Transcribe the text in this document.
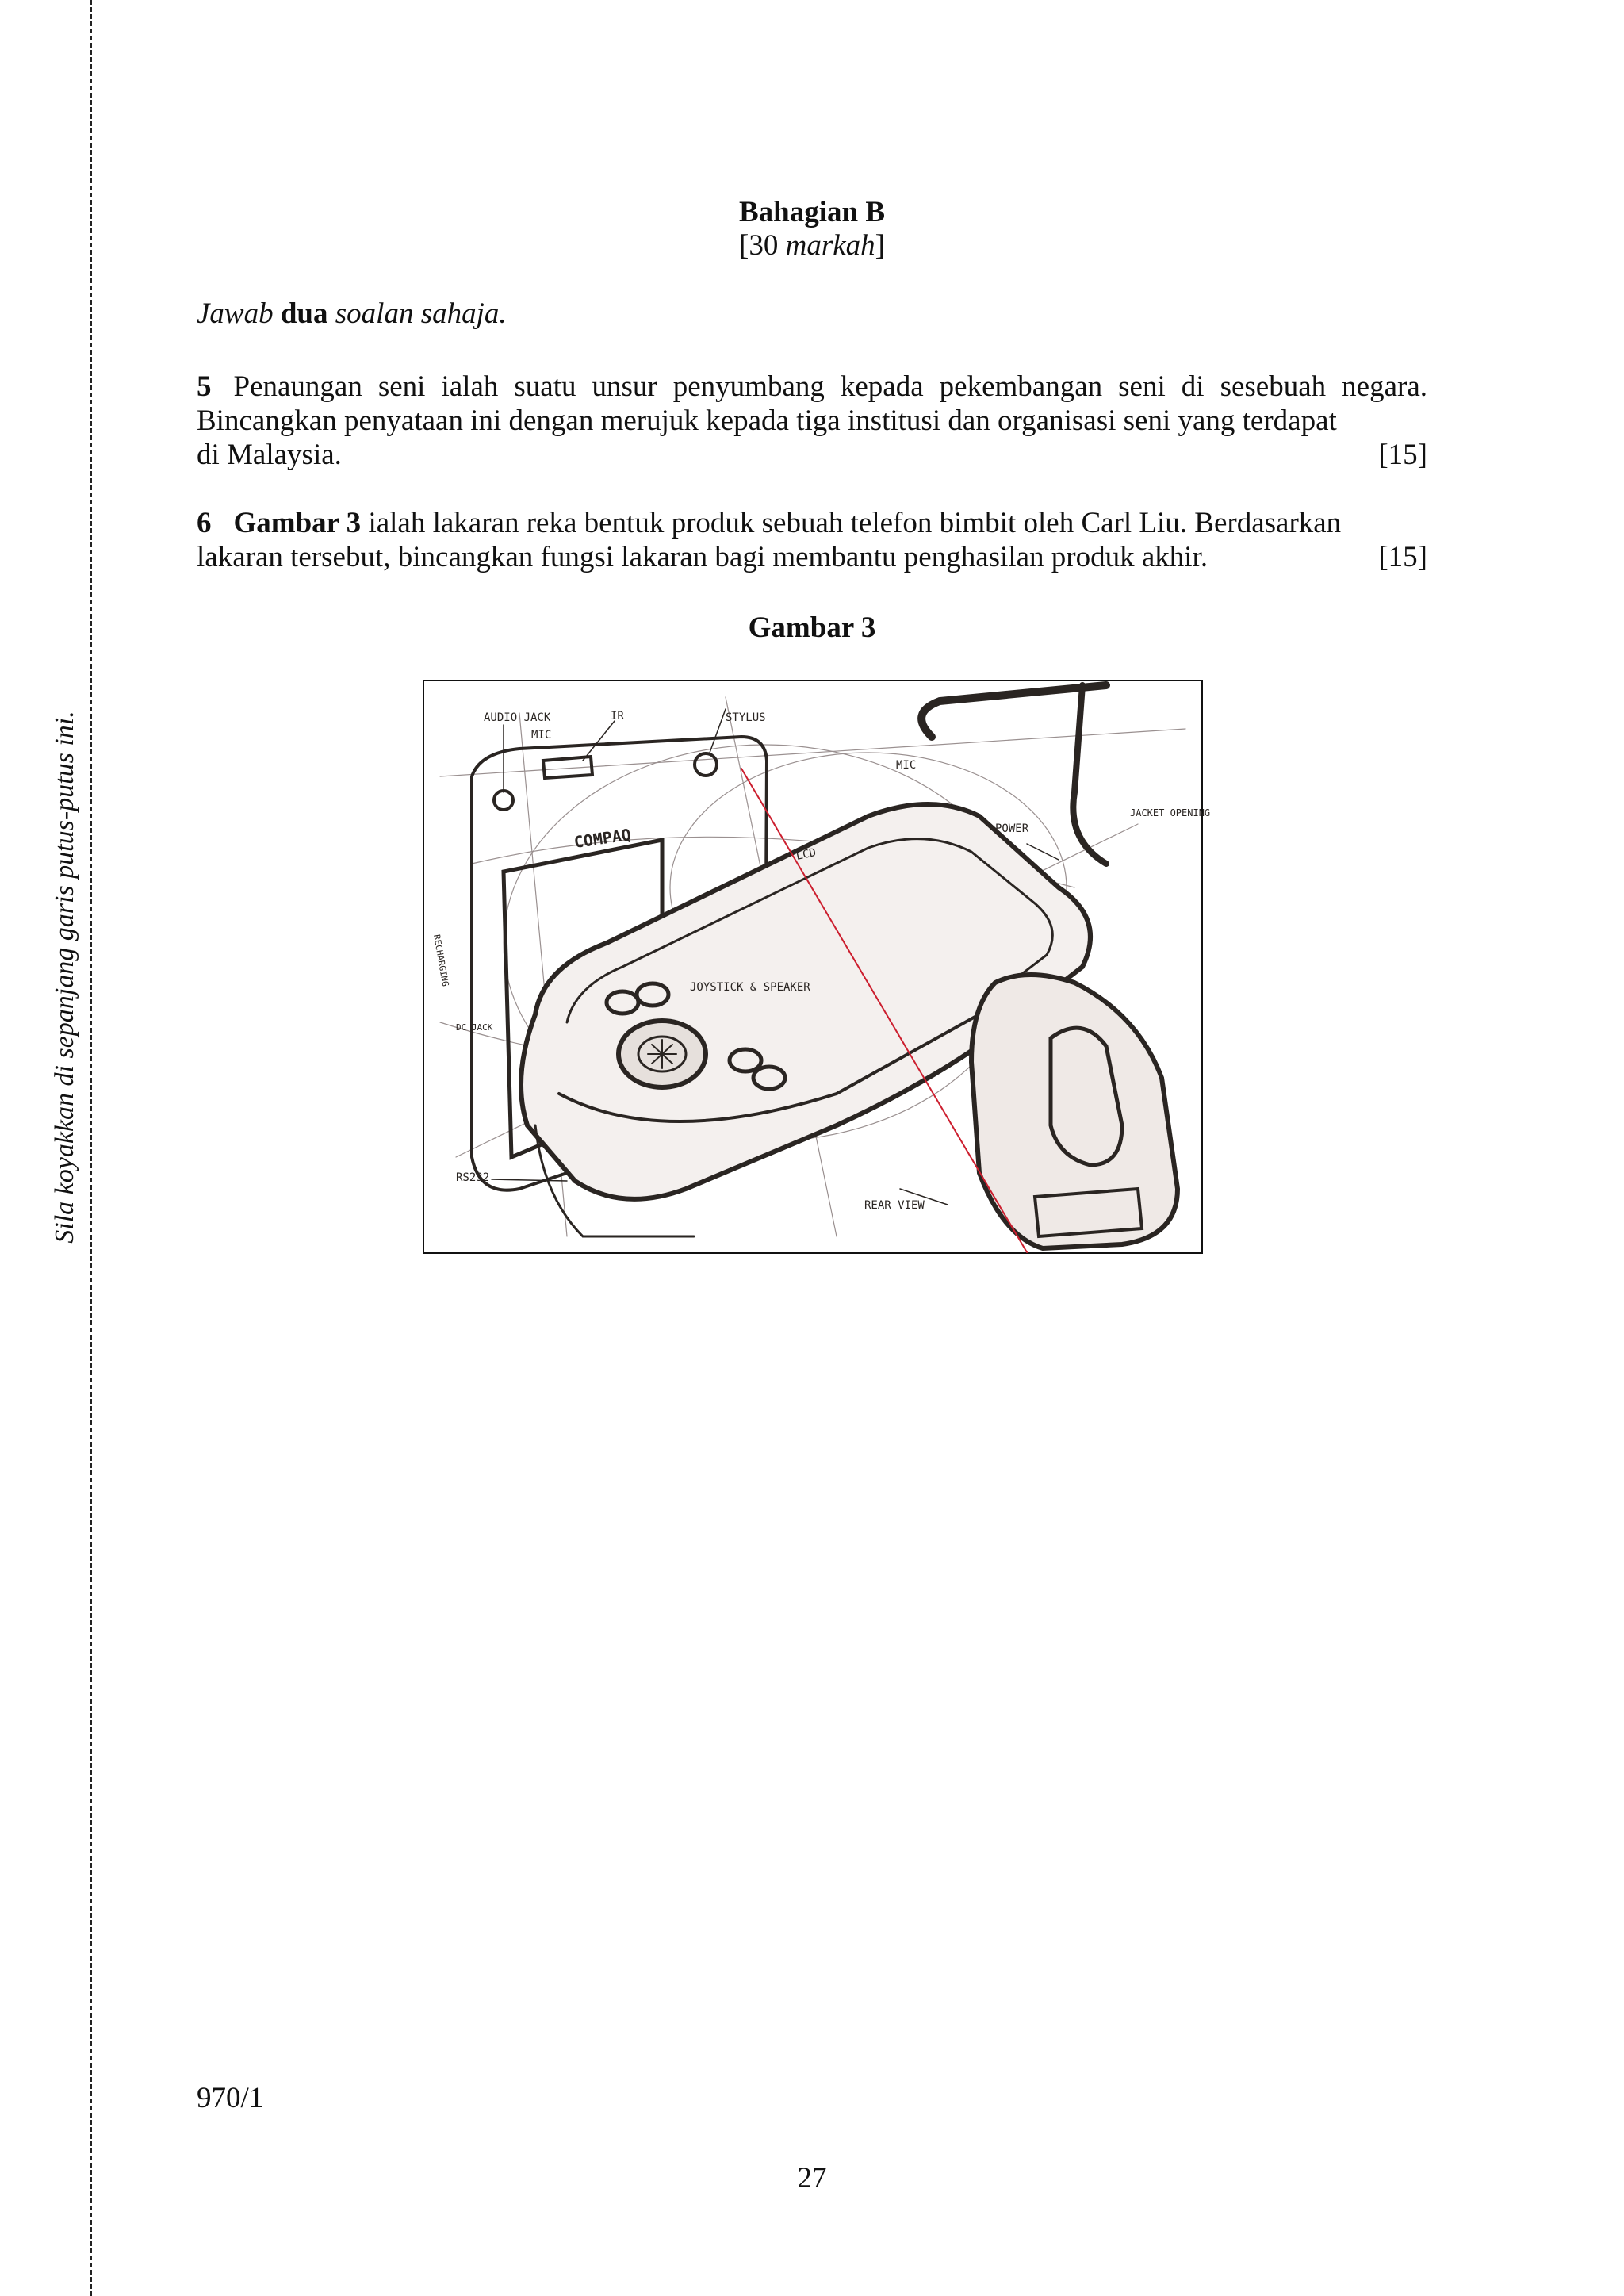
Sila koyakkan di sepanjang garis putus-putus ini.
Bahagian B
[30 markah]
Jawab dua soalan sahaja.
5 Penaungan seni ialah suatu unsur penyumbang kepada pekembangan seni di sesebuah negara. Bincangkan penyataan ini dengan merujuk kepada tiga institusi dan organisasi seni yang terdapat
di Malaysia.	[15]
6 Gambar 3 ialah lakaran reka bentuk produk sebuah telefon bimbit oleh Carl Liu. Berdasarkan
lakaran tersebut, bincangkan fungsi lakaran bagi membantu penghasilan produk akhir.	[15]
Gambar 3
AUDIO JACK	IR	STYLUS
MIC
MIC
POWER
JACKET OPENING
LCD
JOYSTICK & SPEAKER
DC JACK
RS232
REAR VIEW
RECHARGING
COMPAQ
970/1
27
